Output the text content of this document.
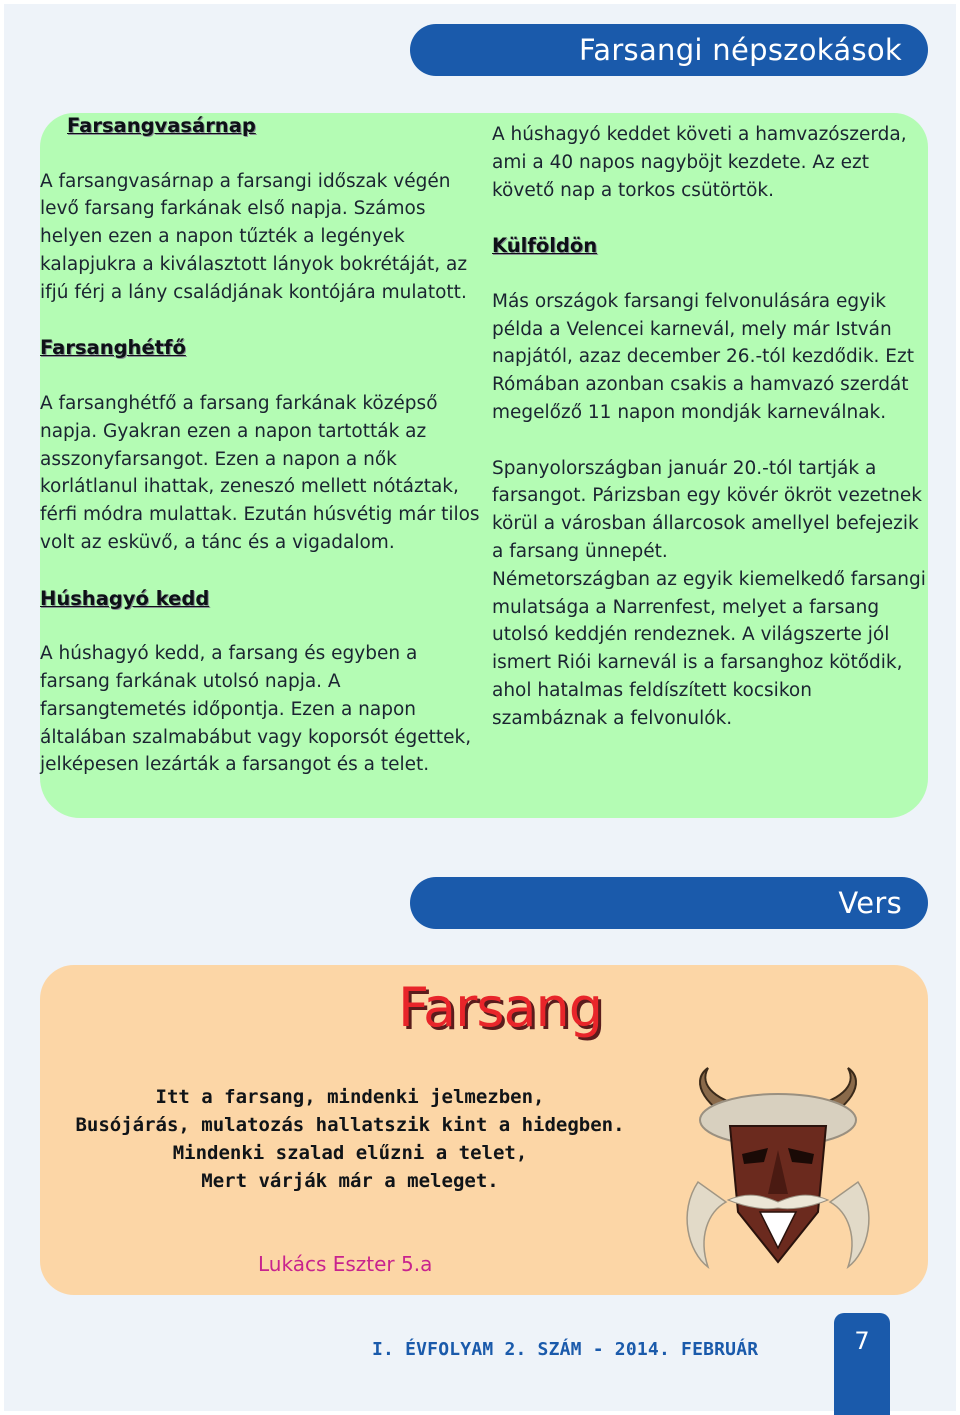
Farsangi népszokások

Farsangvasárnap

A farsangvasárnap a farsangi időszak végén levő farsang farkának első napja. Számos helyen ezen a napon tűzték a legények kalapjukra a kiválasztott lányok bokrétáját, az ifjú férj a lány családjának kontójára mulatott.

Farsanghétfő

A farsanghétfő a farsang farkának középső napja. Gyakran ezen a napon tartották az asszonyfarsangot. Ezen a napon a nők korlátlanul ihattak, zeneszó mellett nótáztak, férfi módra mulattak. Ezután húsvétig már tilos volt az esküvő, a tánc és a vigadalom.

Húshagyó kedd

A húshagyó kedd, a farsang és egyben a farsang farkának utolsó napja. A farsangtemetés időpontja. Ezen a napon általában szalmabábut vagy koporsót égettek, jelképesen lezárták a farsangot és a telet.

A húshagyó keddet követi a hamvazószerda, ami a 40 napos nagyböjt kezdete. Az ezt követő nap a torkos csütörtök.

Külföldön

Más országok farsangi felvonulására egyik példa a Velencei karnevál, mely már István napjától, azaz december 26.-tól kezdődik. Ezt Rómában azonban csakis a hamvazó szerdát megelőző 11 napon mondják karneválnak.

Spanyolországban január 20.-tól tartják a farsangot. Párizsban egy kövér ökröt vezetnek körül a városban állarcosok amellyel befejezik a farsang ünnepét.

Németországban az egyik kiemelkedő farsangi mulatsága a Narrenfest, melyet a farsang utolsó keddjén rendeznek. A világszerte jól ismert Riói karnevál is a farsanghoz kötődik, ahol hatalmas feldíszített kocsikon szambáznak a felvonulók.

Vers
Farsang

Itt a farsang, mindenki jelmezben,

Busójárás, mulatozás hallatszik kint a hidegben.

Mindenki szalad elűzni a telet,

Mert várják már a meleget.

Lukács Eszter 5.a
I. ÉVFOLYAM 2. SZÁM - 2014. FEBRUÁR	7
